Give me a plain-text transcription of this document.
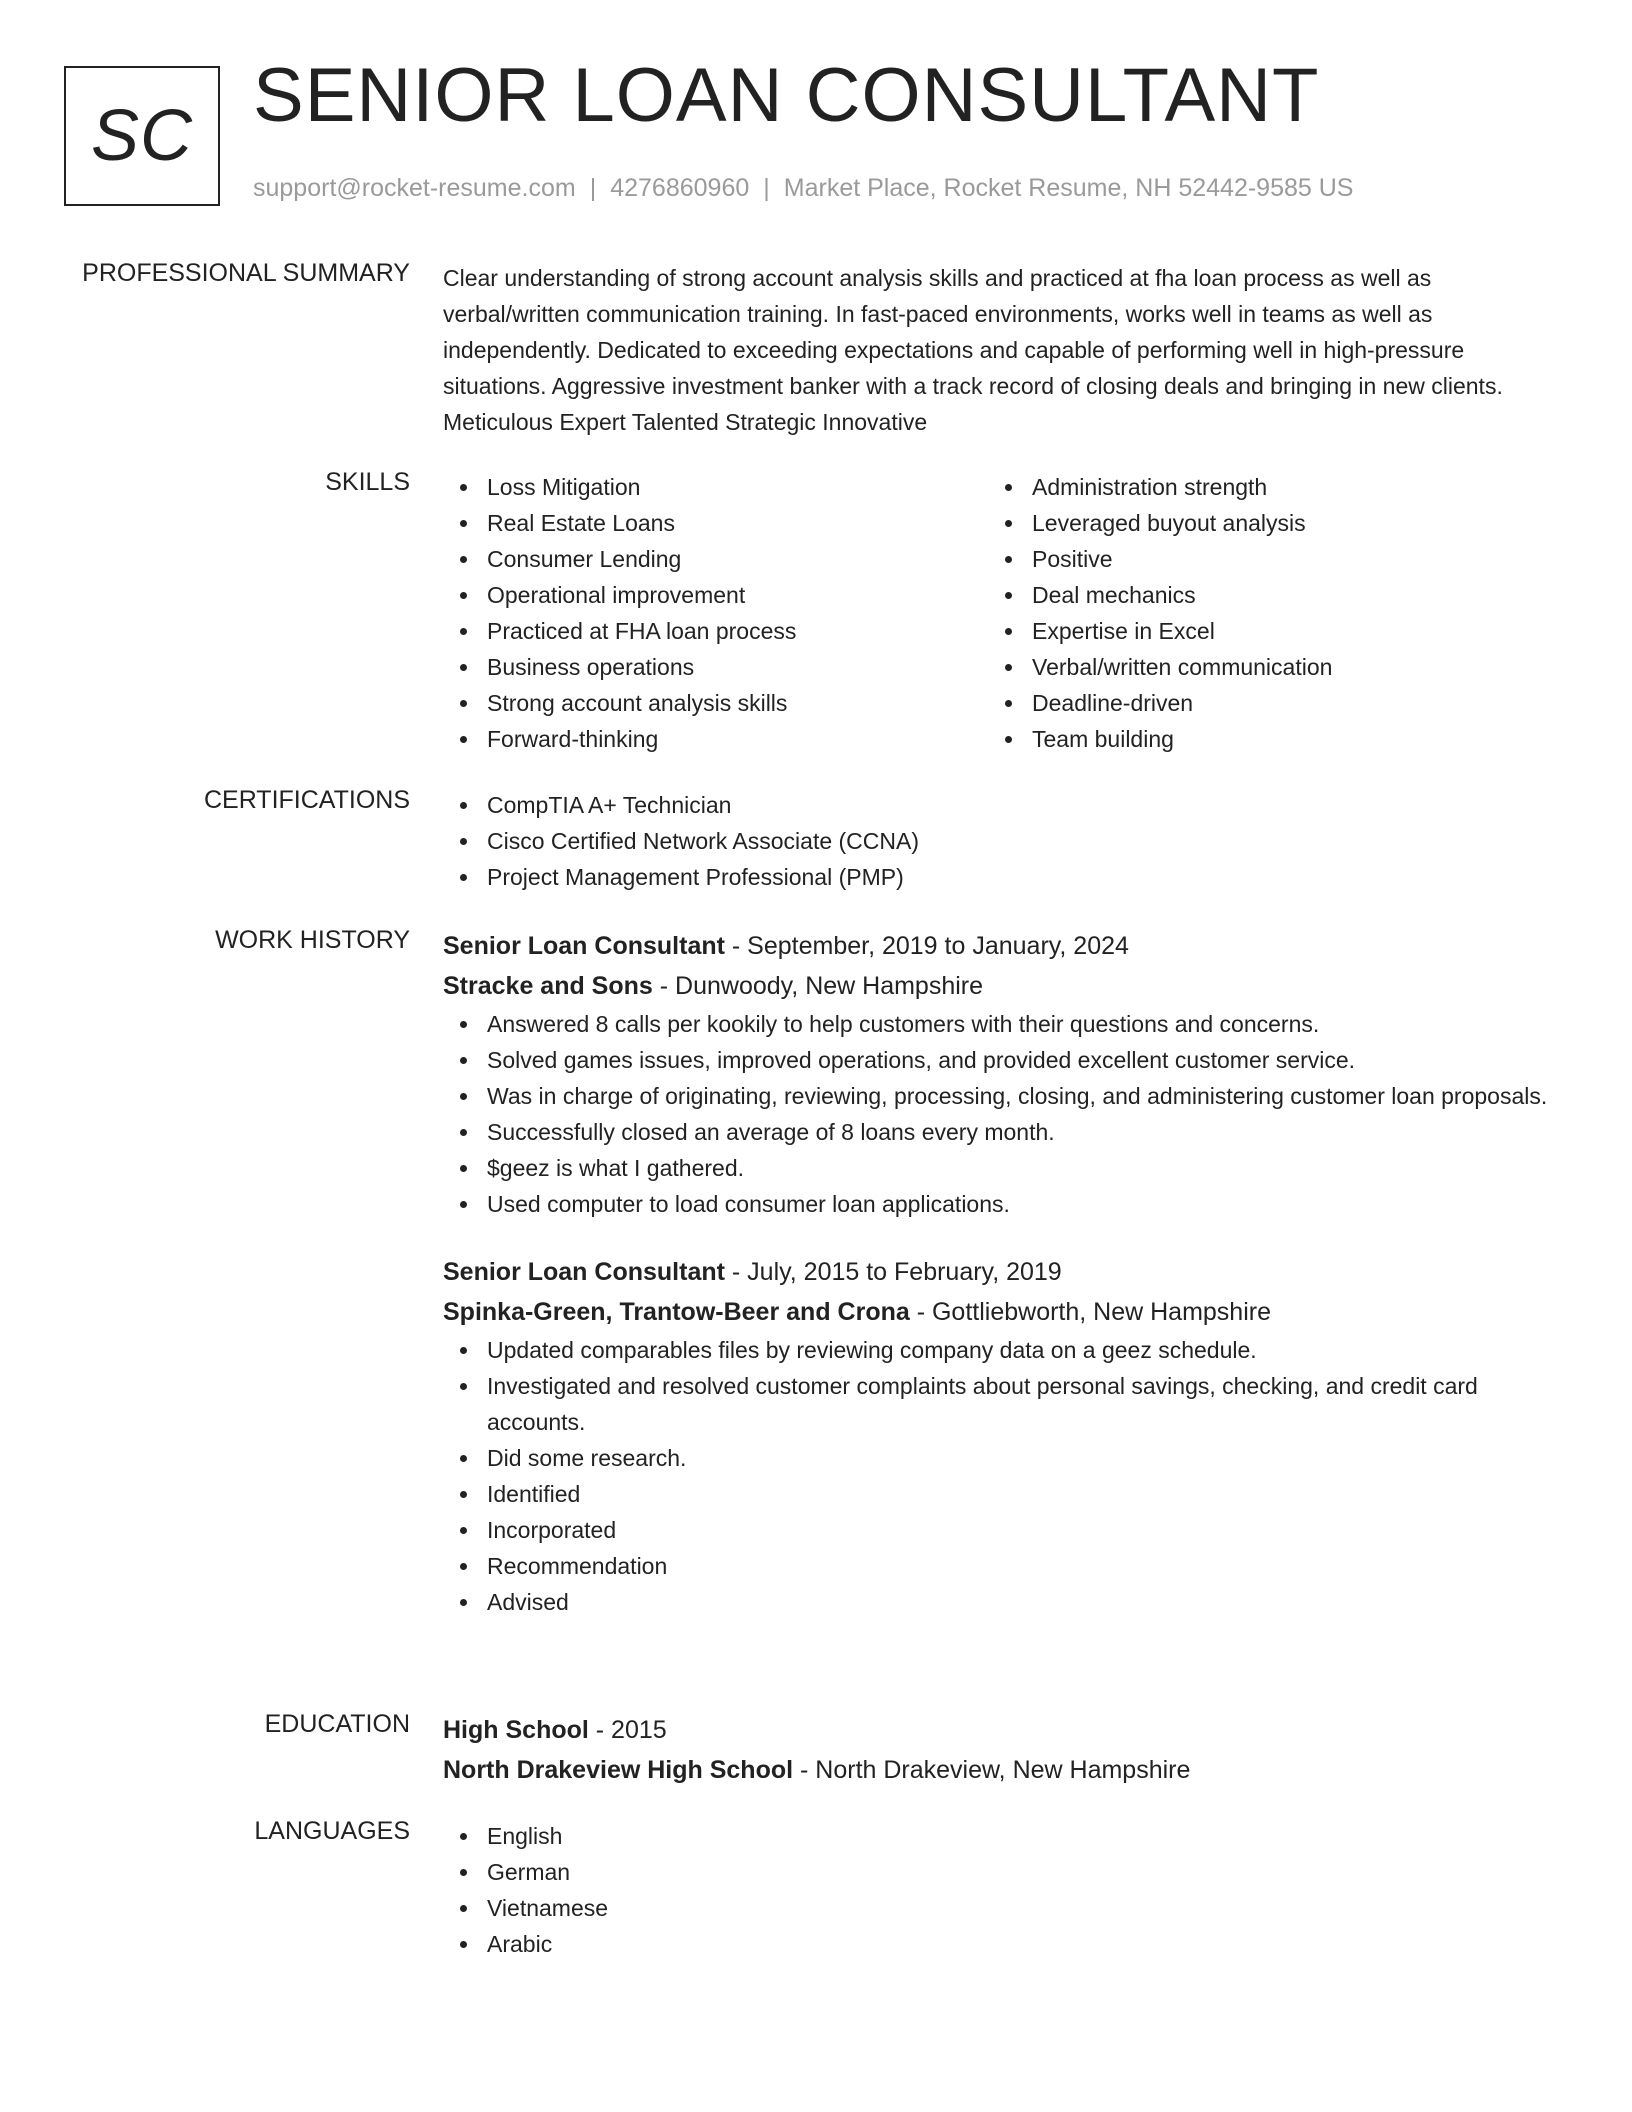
SC SENIOR LOAN CONSULTANT
support@rocket-resume.com | 4276860960 | Market Place, Rocket Resume, NH 52442-9585 US
PROFESSIONAL SUMMARY Clear understanding of strong account analysis skills and practiced at fha loan process as well as verbal/written communication training. In fast-paced environments, works well in teams as well as independently. Dedicated to exceeding expectations and capable of performing well in high-pressure situations. Aggressive investment banker with a track record of closing deals and bringing in new clients. Meticulous Expert Talented Strategic Innovative

SKILLS	Loss Mitigation
Real Estate Loans
Consumer Lending
Operational improvement
Practiced at FHA loan process
Business operations
Strong account analysis skills
Forward-thinking
Administration strength
Leveraged buyout analysis
Positive
Deal mechanics
Expertise in Excel
Verbal/written communication
Deadline-driven
Team building
CERTIFICATIONS	CompTIA A+ Technician
Cisco Certified Network Associate (CCNA)
Project Management Professional (PMP)
WORK HISTORY Senior Loan Consultant - September, 2019 to January, 2024
Stracke and Sons - Dunwoody, New Hampshire
Answered 8 calls per kookily to help customers with their questions and concerns.
Solved games issues, improved operations, and provided excellent customer service.
Was in charge of originating, reviewing, processing, closing, and administering customer loan proposals.
Successfully closed an average of 8 loans every month.
$geez is what I gathered.
Used computer to load consumer loan applications.
Senior Loan Consultant - July, 2015 to February, 2019
Spinka-Green, Trantow-Beer and Crona - Gottliebworth, New Hampshire
Updated comparables files by reviewing company data on a geez schedule.
Investigated and resolved customer complaints about personal savings, checking, and credit card accounts.
Did some research.
Identified
Incorporated
Recommendation
Advised
EDUCATION High School - 2015
North Drakeview High School - North Drakeview, New Hampshire
LANGUAGES	English
German
Vietnamese
Arabic
